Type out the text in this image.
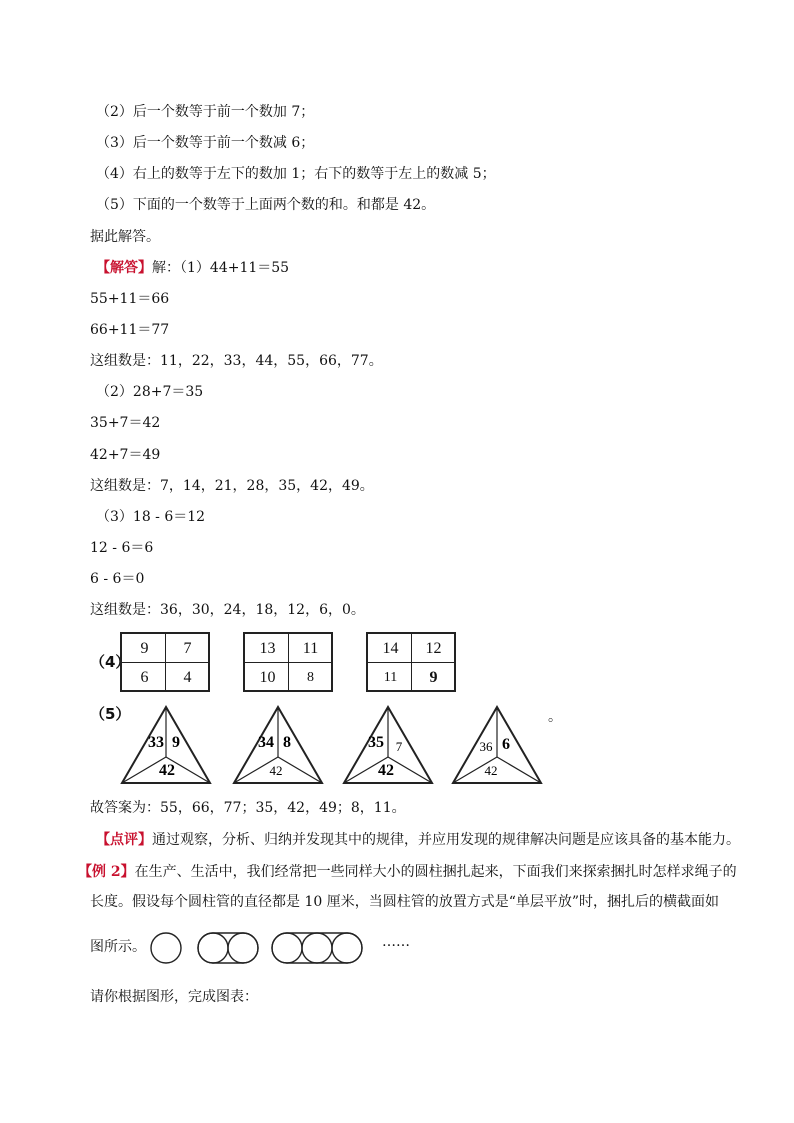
（2）后一个数等于前一个数加 7；
（3）后一个数等于前一个数减 6；
（4）右上的数等于左下的数加 1；右下的数等于左上的数减 5；
（5）下面的一个数等于上面两个数的和。和都是 42。
据此解答。
【解答】解：（1）44+11＝55
55+11＝66
66+11＝77
这组数是：11，22，33，44，55，66，77。
（2）28+7＝35
35+7＝42
42+7＝49
这组数是：7，14，21，28，35，42，49。
（3）18 - 6＝12
12 - 6＝6
6 - 6＝0
这组数是：36，30，24，18，12，6，0。
（4）
9	7
6	4
13	11
10	8
14	12
11	9
（5）
33 9
42
34 8
42
35 7
42
36 6
42
。
故答案为：55，66，77；35，42，49；8，11。
【点评】通过观察，分析、归纳并发现其中的规律，并应用发现的规律解决问题是应该具备的基本能力。
【例 2】在生产、生活中，我们经常把一些同样大小的圆柱捆扎起来，下面我们来探索捆扎时怎样求绳子的
长度。假设每个圆柱管的直径都是 10 厘米，当圆柱管的放置方式是“单层平放”时，捆扎后的横截面如
图所示。	……
请你根据图形，完成图表：
